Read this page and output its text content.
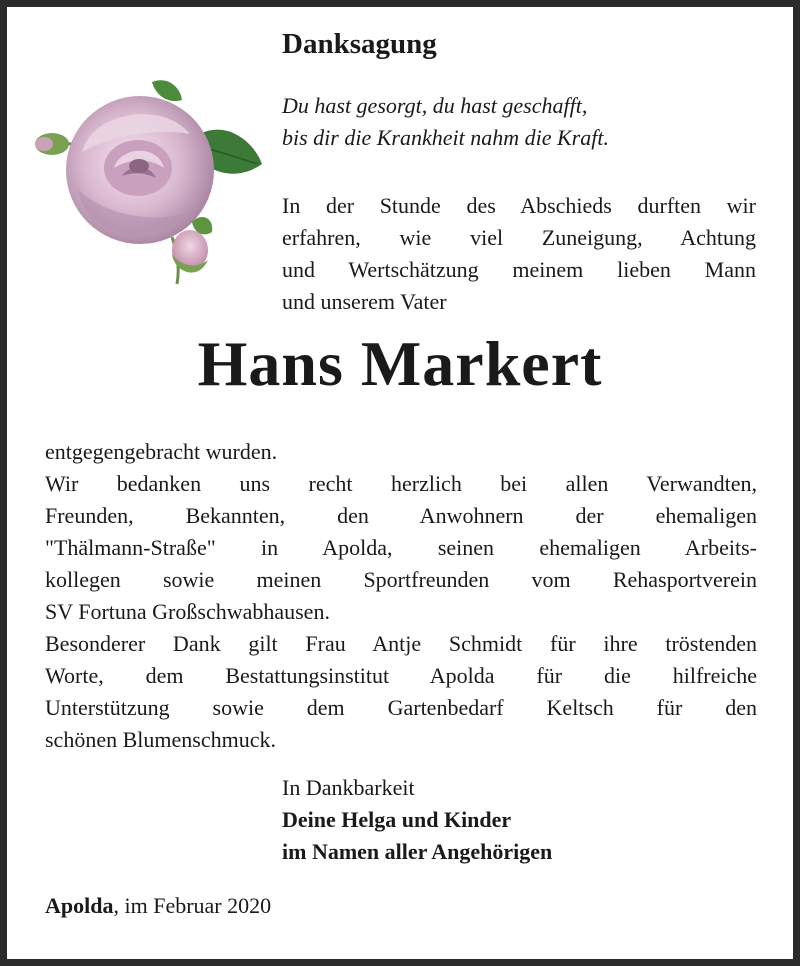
Danksagung
Du hast gesorgt, du hast geschafft,
bis dir die Krankheit nahm die Kraft.
In der Stunde des Abschieds durften wir
erfahren, wie viel Zuneigung, Achtung
und Wertschätzung meinem lieben Mann
und unserem Vater
Hans Markert
entgegengebracht wurden.
Wir bedanken uns recht herzlich bei allen Verwandten,
Freunden, Bekannten, den Anwohnern der ehemaligen
"Thälmann-Straße" in Apolda, seinen ehemaligen Arbeits-
kollegen sowie meinen Sportfreunden vom Rehasportverein
SV Fortuna Großschwabhausen.
Besonderer Dank gilt Frau Antje Schmidt für ihre tröstenden
Worte, dem Bestattungsinstitut Apolda für die hilfreiche
Unterstützung sowie dem Gartenbedarf Keltsch für den
schönen Blumenschmuck.
In Dankbarkeit
Deine Helga und Kinder
im Namen aller Angehörigen
Apolda, im Februar 2020
